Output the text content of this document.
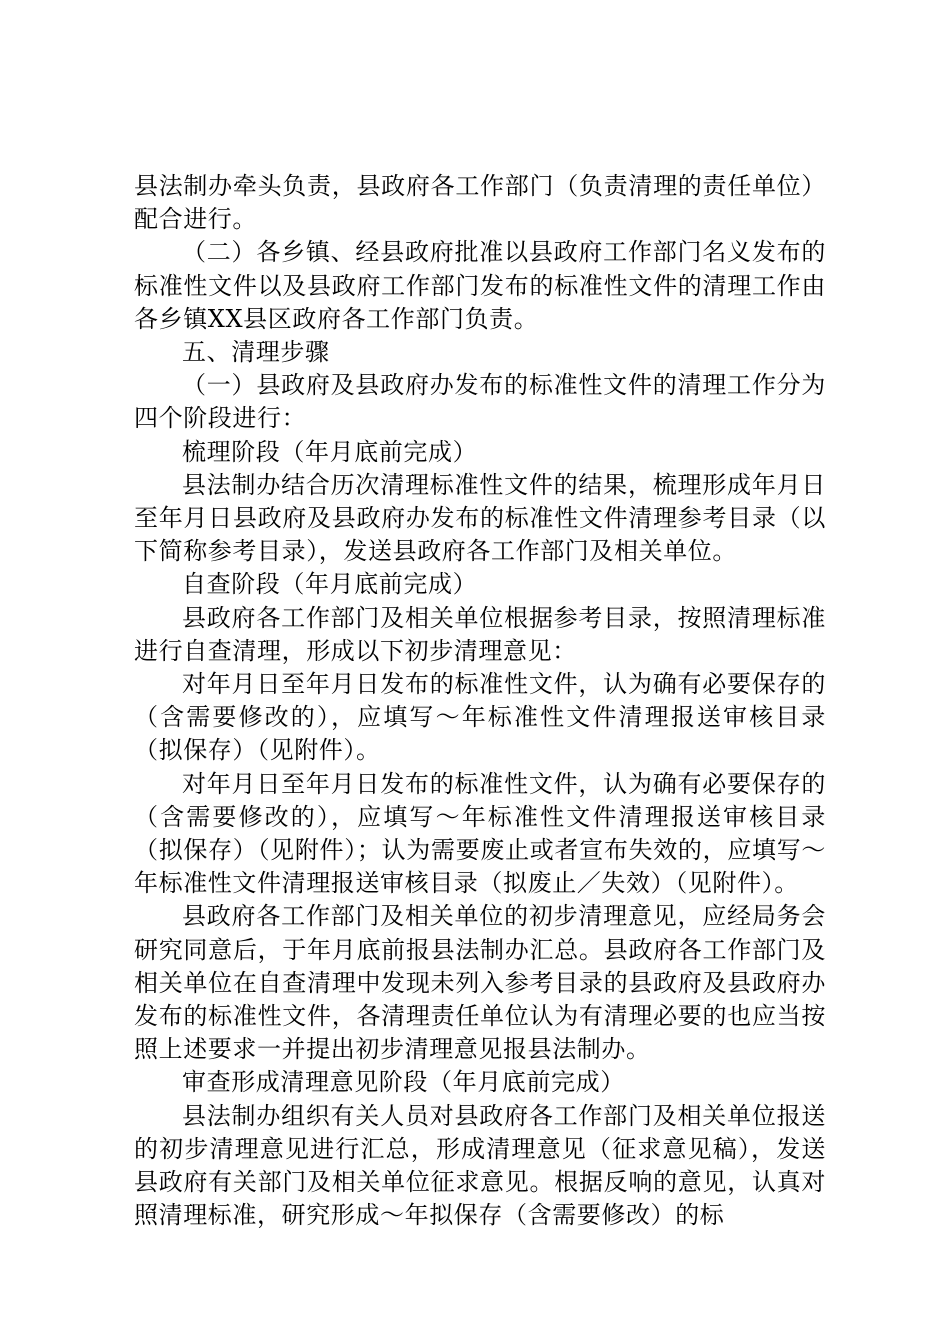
县法制办牵头负责，县政府各工作部门（负责清理的责任单位）配合进行。

（二）各乡镇、经县政府批准以县政府工作部门名义发布的标准性文件以及县政府工作部门发布的标准性文件的清理工作由各乡镇XX县区政府各工作部门负责。

五、清理步骤

（一）县政府及县政府办发布的标准性文件的清理工作分为四个阶段进行：

梳理阶段（年月底前完成）

县法制办结合历次清理标准性文件的结果，梳理形成年月日至年月日县政府及县政府办发布的标准性文件清理参考目录（以下简称参考目录），发送县政府各工作部门及相关单位。

自查阶段（年月底前完成）

县政府各工作部门及相关单位根据参考目录，按照清理标准进行自查清理，形成以下初步清理意见：

对年月日至年月日发布的标准性文件，认为确有必要保存的（含需要修改的），应填写～年标准性文件清理报送审核目录（拟保存）（见附件）。

对年月日至年月日发布的标准性文件，认为确有必要保存的（含需要修改的），应填写～年标准性文件清理报送审核目录（拟保存）（见附件）；认为需要废止或者宣布失效的，应填写～年标准性文件清理报送审核目录（拟废止／失效）（见附件）。

县政府各工作部门及相关单位的初步清理意见，应经局务会研究同意后，于年月底前报县法制办汇总。县政府各工作部门及相关单位在自查清理中发现未列入参考目录的县政府及县政府办发布的标准性文件，各清理责任单位认为有清理必要的也应当按照上述要求一并提出初步清理意见报县法制办。

审查形成清理意见阶段（年月底前完成）

县法制办组织有关人员对县政府各工作部门及相关单位报送的初步清理意见进行汇总，形成清理意见（征求意见稿），发送县政府有关部门及相关单位征求意见。根据反响的意见，认真对照清理标准，研究形成～年拟保存（含需要修改）的标
